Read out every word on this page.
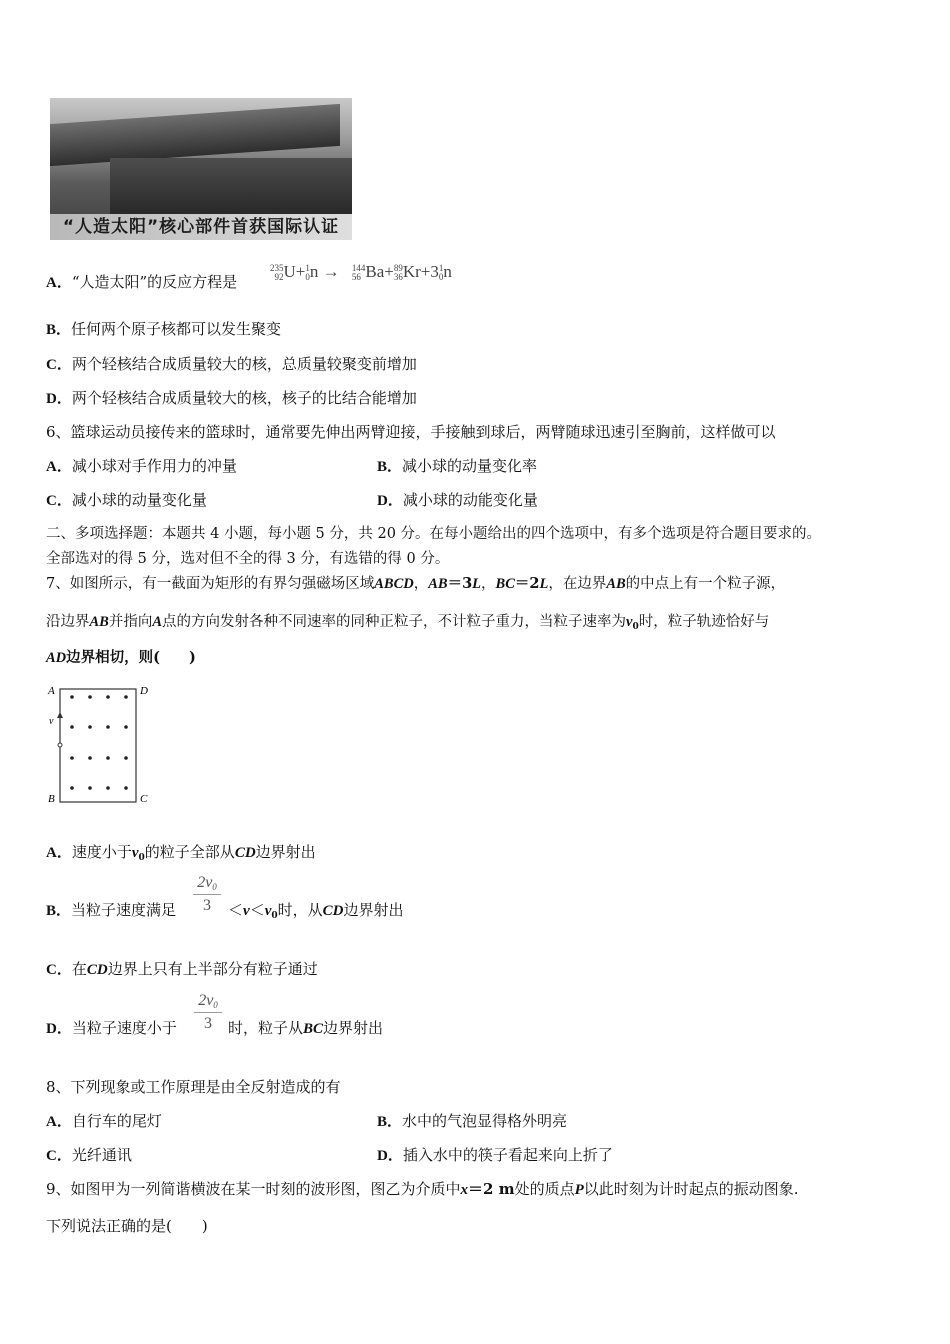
“人造太阳”核心部件首获国际认证
A．“人造太阳”的反应方程是
235
92 U+ 1
0 n → 144
56 Ba+ 89
36 Kr+3 1
0 n
B．任何两个原子核都可以发生聚变
C．两个轻核结合成质量较大的核，总质量较聚变前增加
D．两个轻核结合成质量较大的核，核子的比结合能增加
6、篮球运动员接传来的篮球时，通常要先伸出两臂迎接，手接触到球后，两臂随球迅速引至胸前，这样做可以
A．减小球对手作用力的冲量	B．减小球的动量变化率
C．减小球的动量变化量	D．减小球的动能变化量
二、多项选择题：本题共 4 小题，每小题 5 分，共 20 分。在每小题给出的四个选项中，有多个选项是符合题目要求的。
全部选对的得 5 分，选对但不全的得 3 分，有选错的得 0 分。
7、如图所示，有一截面为矩形的有界匀强磁场区域ABCD，AB＝3L，BC＝2L，在边界AB的中点上有一个粒子源，
沿边界AB并指向A点的方向发射各种不同速率的同种正粒子，不计粒子重力，当粒子速率为$v_0$时，粒子轨迹恰好与
AD边界相切，则(　　)
A
B	C
D
v
A．速度小于$v_0$的粒子全部从CD边界射出
B．当粒子速度满足
2v0
3	$<v<v_0$时，从CD边界射出
C．在CD边界上只有上半部分有粒子通过
D．当粒子速度小于
2v0
3	时，粒子从BC边界射出
8、下列现象或工作原理是由全反射造成的有
A．自行车的尾灯	B．水中的气泡显得格外明亮
C．光纤通讯	D．插入水中的筷子看起来向上折了
9、如图甲为一列简谐横波在某一时刻的波形图，图乙为介质中x＝2 m处的质点P以此时刻为计时起点的振动图象.
下列说法正确的是(　　)
